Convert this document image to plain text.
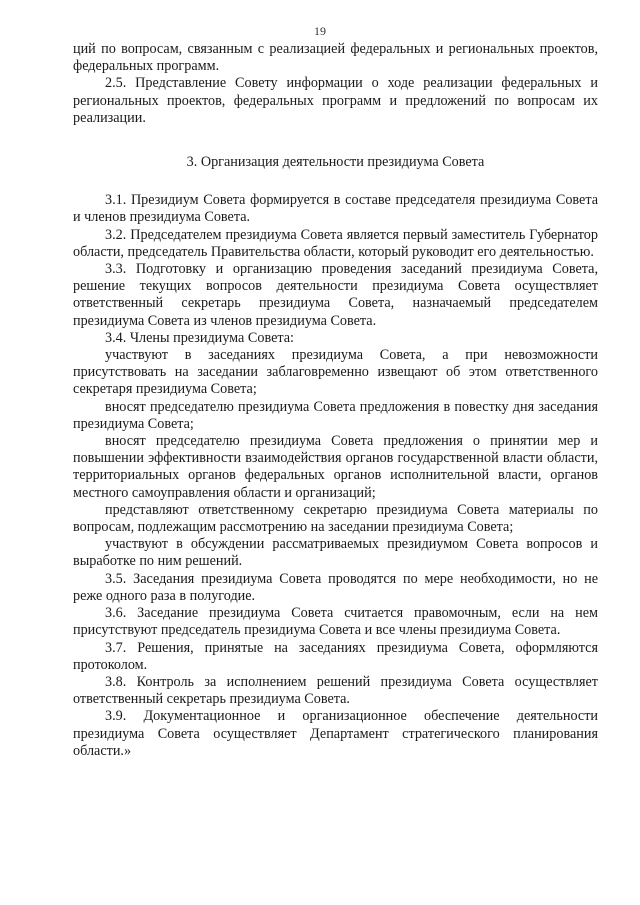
19

ций по вопросам, связанным с реализацией федеральных и региональных проектов, федеральных программ.

2.5. Представление Совету информации о ходе реализации федеральных и региональных проектов, федеральных программ и предложений по вопросам их реализации.

3. Организация деятельности президиума Совета

3.1. Президиум Совета формируется в составе председателя президиума Совета и членов президиума Совета.

3.2. Председателем президиума Совета является первый заместитель Губернатор области, председатель Правительства области, который руководит его деятельностью.

3.3. Подготовку и организацию проведения заседаний президиума Совета, решение текущих вопросов деятельности президиума Совета осуществляет ответственный секретарь президиума Совета, назначаемый председателем президиума Совета из членов президиума Совета.

3.4. Члены президиума Совета:

участвуют в заседаниях президиума Совета, а при невозможности присутствовать на заседании заблаговременно извещают об этом ответственного секретаря президиума Совета;

вносят председателю президиума Совета предложения в повестку дня заседания президиума Совета;

вносят председателю президиума Совета предложения о принятии мер и повышении эффективности взаимодействия органов государственной власти области, территориальных органов федеральных органов исполнительной власти, органов местного самоуправления области и организаций;

представляют ответственному секретарю президиума Совета материалы по вопросам, подлежащим рассмотрению на заседании президиума Совета;

участвуют в обсуждении рассматриваемых президиумом Совета вопросов и выработке по ним решений.

3.5. Заседания президиума Совета проводятся по мере необходимости, но не реже одного раза в полугодие.

3.6. Заседание президиума Совета считается правомочным, если на нем присутствуют председатель президиума Совета и все члены президиума Совета.

3.7. Решения, принятые на заседаниях президиума Совета, оформляются протоколом.

3.8. Контроль за исполнением решений президиума Совета осуществляет ответственный секретарь президиума Совета.

3.9. Документационное и организационное обеспечение деятельности президиума Совета осуществляет Департамент стратегического планирования области.»
